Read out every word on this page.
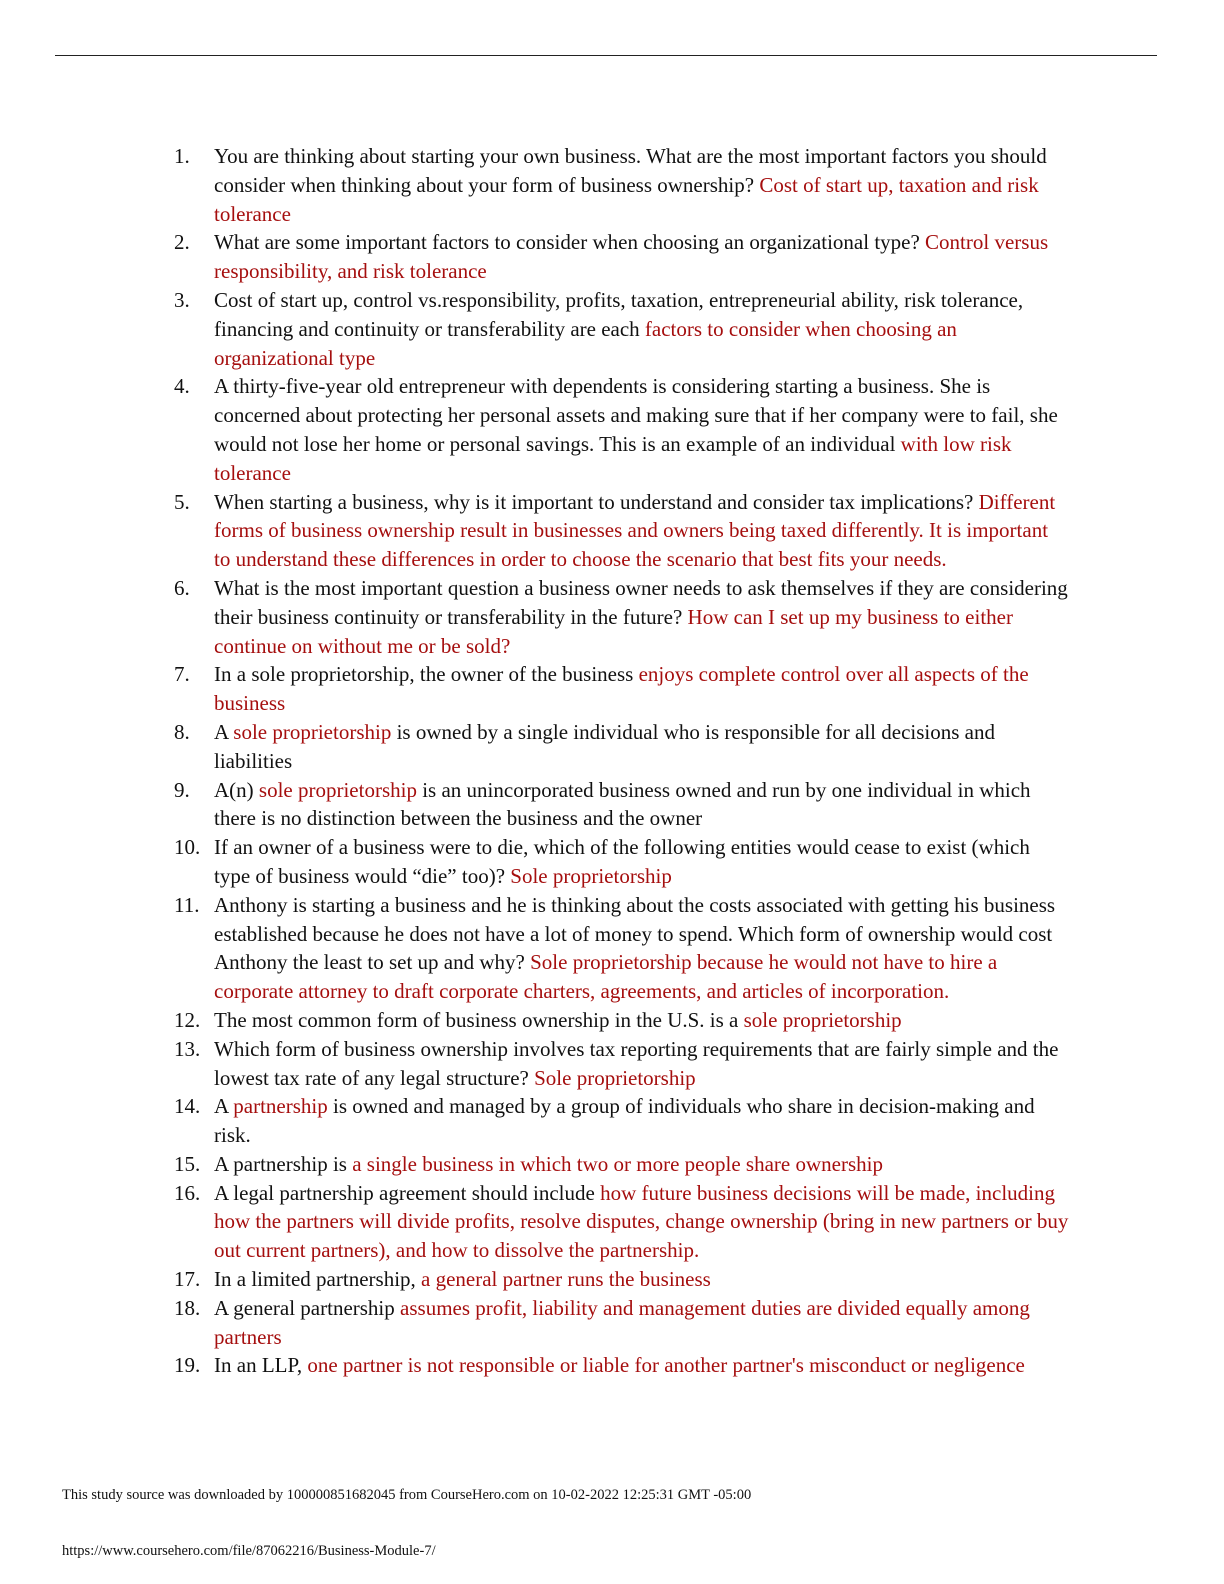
1. You are thinking about starting your own business. What are the most important factors you should consider when thinking about your form of business ownership? Cost of start up, taxation and risk tolerance
2. What are some important factors to consider when choosing an organizational type? Control versus responsibility, and risk tolerance
3. Cost of start up, control vs.responsibility, profits, taxation, entrepreneurial ability, risk tolerance, financing and continuity or transferability are each factors to consider when choosing an organizational type
4. A thirty-five-year old entrepreneur with dependents is considering starting a business. She is concerned about protecting her personal assets and making sure that if her company were to fail, she would not lose her home or personal savings. This is an example of an individual with low risk tolerance
5. When starting a business, why is it important to understand and consider tax implications? Different forms of business ownership result in businesses and owners being taxed differently. It is important to understand these differences in order to choose the scenario that best fits your needs.
6. What is the most important question a business owner needs to ask themselves if they are considering their business continuity or transferability in the future? How can I set up my business to either continue on without me or be sold?
7. In a sole proprietorship, the owner of the business enjoys complete control over all aspects of the business
8. A sole proprietorship is owned by a single individual who is responsible for all decisions and liabilities
9. A(n) sole proprietorship is an unincorporated business owned and run by one individual in which there is no distinction between the business and the owner
10. If an owner of a business were to die, which of the following entities would cease to exist (which type of business would “die” too)? Sole proprietorship
11. Anthony is starting a business and he is thinking about the costs associated with getting his business established because he does not have a lot of money to spend. Which form of ownership would cost Anthony the least to set up and why? Sole proprietorship because he would not have to hire a corporate attorney to draft corporate charters, agreements, and articles of incorporation.
12. The most common form of business ownership in the U.S. is a sole proprietorship
13. Which form of business ownership involves tax reporting requirements that are fairly simple and the lowest tax rate of any legal structure? Sole proprietorship
14. A partnership is owned and managed by a group of individuals who share in decision-making and risk.
15. A partnership is a single business in which two or more people share ownership
16. A legal partnership agreement should include how future business decisions will be made, including how the partners will divide profits, resolve disputes, change ownership (bring in new partners or buy out current partners), and how to dissolve the partnership.
17. In a limited partnership, a general partner runs the business
18. A general partnership assumes profit, liability and management duties are divided equally among partners
19. In an LLP, one partner is not responsible or liable for another partner's misconduct or negligence
This study source was downloaded by 100000851682045 from CourseHero.com on 10-02-2022 12:25:31 GMT -05:00
https://www.coursehero.com/file/87062216/Business-Module-7/
